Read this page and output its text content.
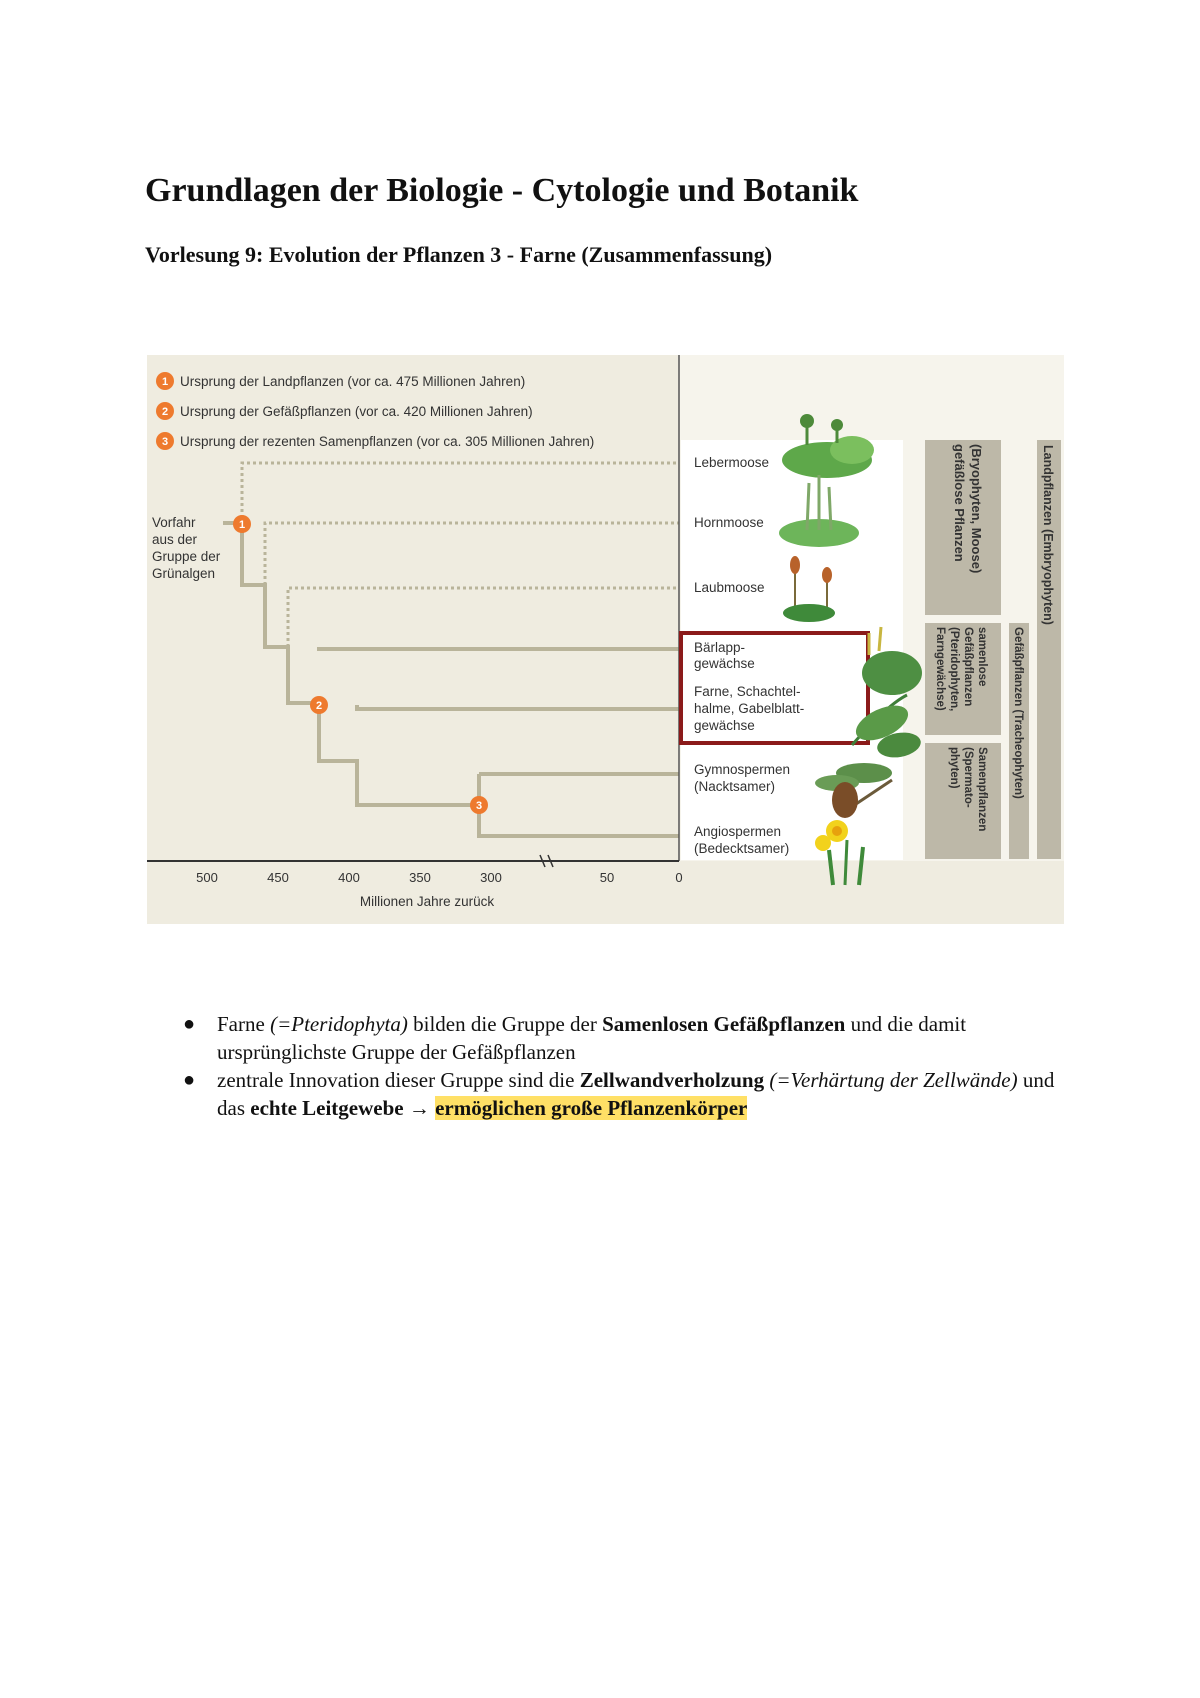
Grundlagen der Biologie - Cytologie und Botanik
Vorlesung 9: Evolution der Pflanzen 3 - Farne (Zusammenfassung)
1 Ursprung der Landpflanzen (vor ca. 475 Millionen Jahren)
2 Ursprung der Gefäßpflanzen (vor ca. 420 Millionen Jahren)
3 Ursprung der rezenten Samenpflanzen (vor ca. 305 Millionen Jahren)
Vorfahr
aus der
Gruppe der
Grünalgen
1
2
3
Lebermoose
Hornmoose
Laubmoose
Bärlapp-
gewächse
Farne, Schachtel-
halme, Gabelblatt-
gewächse
Gymnospermen
(Nacktsamer)
Angiospermen
(Bedecktsamer)
gefäßlose Pflanzen (Bryophyten, Moose)
samenlose
Gefäßpflanzen
(Pteridophyten,
Farngewächse)
Samenpflanzen
(Spermato-
phyten)	Gefäßpflanzen (Tracheophyten)
Landpflanzen (Embryophyten)
500	450	400	350	300	50	0
Millionen Jahre zurück
● Farne (=Pteridophyta) bilden die Gruppe der Samenlosen Gefäßpflanzen und die damit ursprünglichste Gruppe der Gefäßpflanzen
● zentrale Innovation dieser Gruppe sind die Zellwandverholzung (=Verhärtung der Zellwände) und das echte Leitgewebe → ermöglichen große Pflanzenkörper
